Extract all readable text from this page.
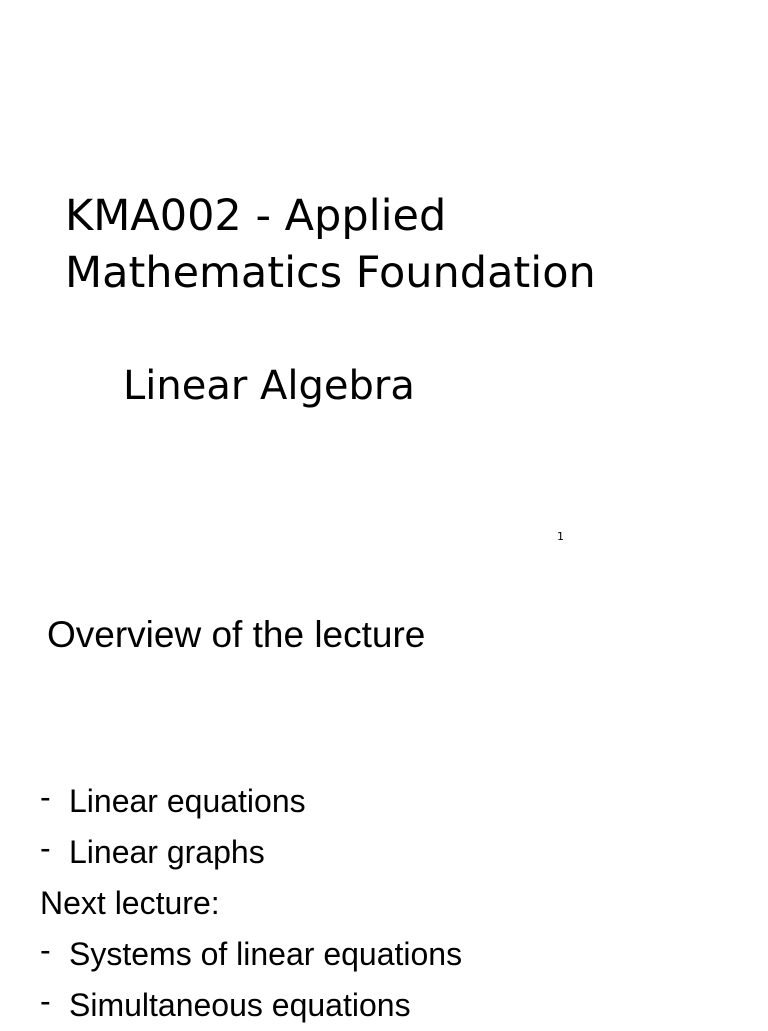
KMA002 - Applied
Mathematics Foundation
Linear Algebra
1
Overview of the lecture
- Linear equations
- Linear graphs
Next lecture:
- Systems of linear equations
- Simultaneous equations
